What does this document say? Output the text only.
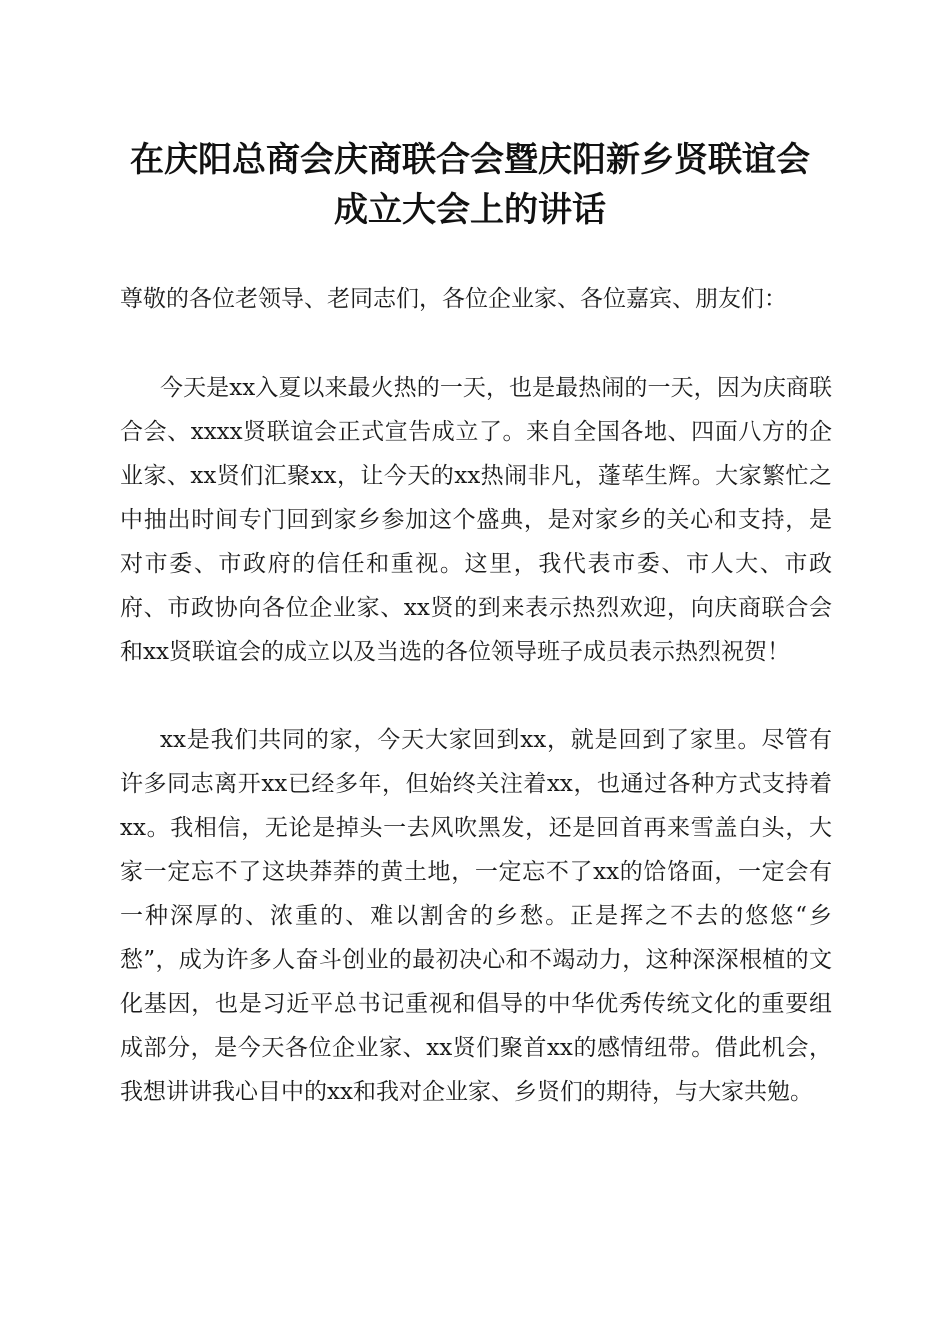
在庆阳总商会庆商联合会暨庆阳新乡贤联谊会
成立大会上的讲话

尊敬的各位老领导、老同志们，各位企业家、各位嘉宾、朋友们：

今天是xx入夏以来最火热的一天，也是最热闹的一天，因为庆商联合会、xxxx贤联谊会正式宣告成立了。来自全国各地、四面八方的企业家、xx贤们汇聚xx，让今天的xx热闹非凡，蓬荜生辉。大家繁忙之中抽出时间专门回到家乡参加这个盛典，是对家乡的关心和支持，是对市委、市政府的信任和重视。这里，我代表市委、市人大、市政府、市政协向各位企业家、xx贤的到来表示热烈欢迎，向庆商联合会和xx贤联谊会的成立以及当选的各位领导班子成员表示热烈祝贺！

xx是我们共同的家，今天大家回到xx，就是回到了家里。尽管有许多同志离开xx已经多年，但始终关注着xx，也通过各种方式支持着xx。我相信，无论是掉头一去风吹黑发，还是回首再来雪盖白头，大家一定忘不了这块莽莽的黄土地，一定忘不了xx的饸饹面，一定会有一种深厚的、浓重的、难以割舍的乡愁。正是挥之不去的悠悠“乡愁”，成为许多人奋斗创业的最初决心和不竭动力，这种深深根植的文化基因，也是习近平总书记重视和倡导的中华优秀传统文化的重要组成部分，是今天各位企业家、xx贤们聚首xx的感情纽带。借此机会，我想讲讲我心目中的xx和我对企业家、乡贤们的期待，与大家共勉。
